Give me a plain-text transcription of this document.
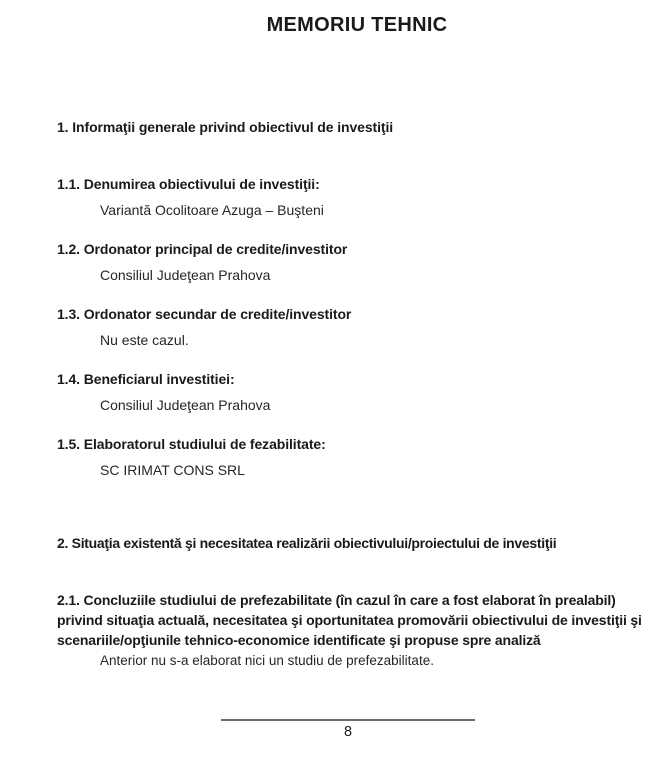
MEMORIU TEHNIC
1. Informaţii generale privind obiectivul de investiţii
1.1. Denumirea obiectivului de investiţii:
Variantă Ocolitoare Azuga – Buşteni
1.2. Ordonator principal de credite/investitor
Consiliul Judeţean Prahova
1.3. Ordonator secundar de credite/investitor
Nu este cazul.
1.4. Beneficiarul investitiei:
Consiliul Judeţean Prahova
1.5. Elaboratorul studiului de fezabilitate:
SC IRIMAT CONS SRL
2. Situaţia existentă şi necesitatea realizării obiectivului/proiectului de investiţii
2.1. Concluziile studiului de prefezabilitate (în cazul în care a fost elaborat în prealabil) privind situaţia actuală, necesitatea şi oportunitatea promovării obiectivului de investiţii şi scenariile/opţiunile tehnico-economice identificate şi propuse spre analiză
Anterior nu s-a elaborat nici un studiu de prefezabilitate.
8
